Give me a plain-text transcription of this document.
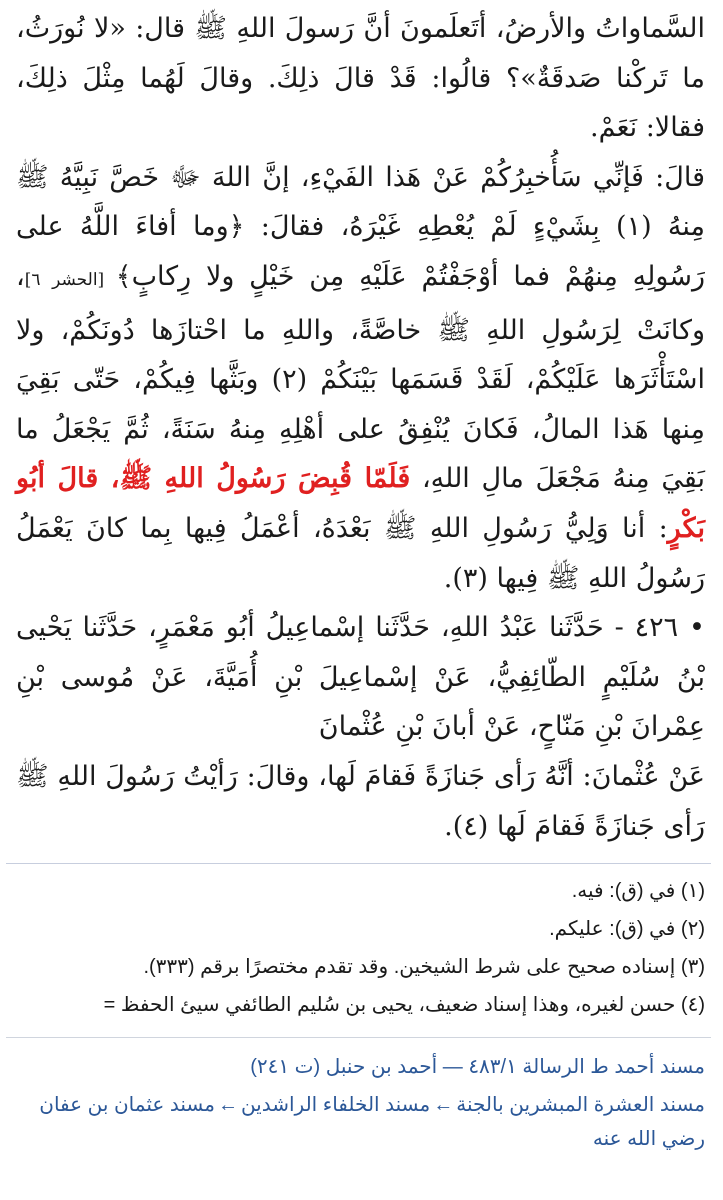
السَّماواتُ والأرضُ، أتَعلَمونَ أنَّ رَسولَ اللهِ ﷺ قال: «لا نُورَثُ، ما تَركْنا صَدقَةٌ»؟ قالُوا: قَدْ قالَ ذلِكَ. وقالَ لَهُما مِثْلَ ذلِكَ، فقالا: نَعَمْ.

قالَ: فَإنِّي سَأُخبِرُكُمْ عَنْ هَذا الفَيْءِ، إنَّ اللهَ ﷻ خَصَّ نَبِيَّهُ ﷺ مِنهُ (١) بِشَيْءٍ لَمْ يُعْطِهِ غَيْرَهُ، فقالَ: ﴿وما أفاءَ اللَّهُ على رَسُولِهِ مِنهُمْ فما أوْجَفْتُمْ عَلَيْهِ مِن خَيْلٍ ولا رِكابٍ﴾ [الحشر ٦]، وكانَتْ لِرَسُولِ اللهِ ﷺ خاصَّةً، واللهِ ما احْتازَها دُونَكُمْ، ولا اسْتَأْثَرَها عَلَيْكُمْ، لَقَدْ قَسَمَها بَيْنَكُمْ (٢) وبَثَّها فِيكُمْ، حَتّى بَقِيَ مِنها هَذا المالُ، فَكانَ يُنْفِقُ على أهْلِهِ مِنهُ سَنَةً، ثُمَّ يَجْعَلُ ما بَقِيَ مِنهُ مَجْعَلَ مالِ اللهِ، فَلَمّا قُبِضَ رَسُولُ اللهِ ﷺ، قالَ أبُو بَكْرٍ: أنا وَلِيُّ رَسُولِ اللهِ ﷺ بَعْدَهُ، أعْمَلُ فِيها بِما كانَ يَعْمَلُ رَسُولُ اللهِ ﷺ فِيها (٣).

• ٤٢٦ - حَدَّثَنا عَبْدُ اللهِ، حَدَّثَنا إسْماعِيلُ أبُو مَعْمَرٍ، حَدَّثَنا يَحْيى بْنُ سُلَيْمٍ الطّائِفِيُّ، عَنْ إسْماعِيلَ بْنِ أُمَيَّةَ، عَنْ مُوسى بْنِ عِمْرانَ بْنِ مَنّاحٍ، عَنْ أبانَ بْنِ عُثْمانَ

عَنْ عُثْمانَ: أنَّهُ رَأى جَنازَةً فَقامَ لَها، وقالَ: رَأيْتُ رَسُولَ اللهِ ﷺ رَأى جَنازَةً فَقامَ لَها (٤).

(١) في (ق): فيه.

(٢) في (ق): عليكم.

(٣) إسناده صحيح على شرط الشيخين. وقد تقدم مختصرًا برقم (٣٣٣).

(٤) حسن لغيره، وهذا إسناد ضعيف، يحيى بن سُليم الطائفي سيئ الحفظ =

مسند أحمد ط الرسالة ٤٨٣/١ — أحمد بن حنبل (ت ٢٤١)
مسند العشرة المبشرين بالجنة←مسند الخلفاء الراشدين←مسند عثمان بن عفان رضي الله عنه
